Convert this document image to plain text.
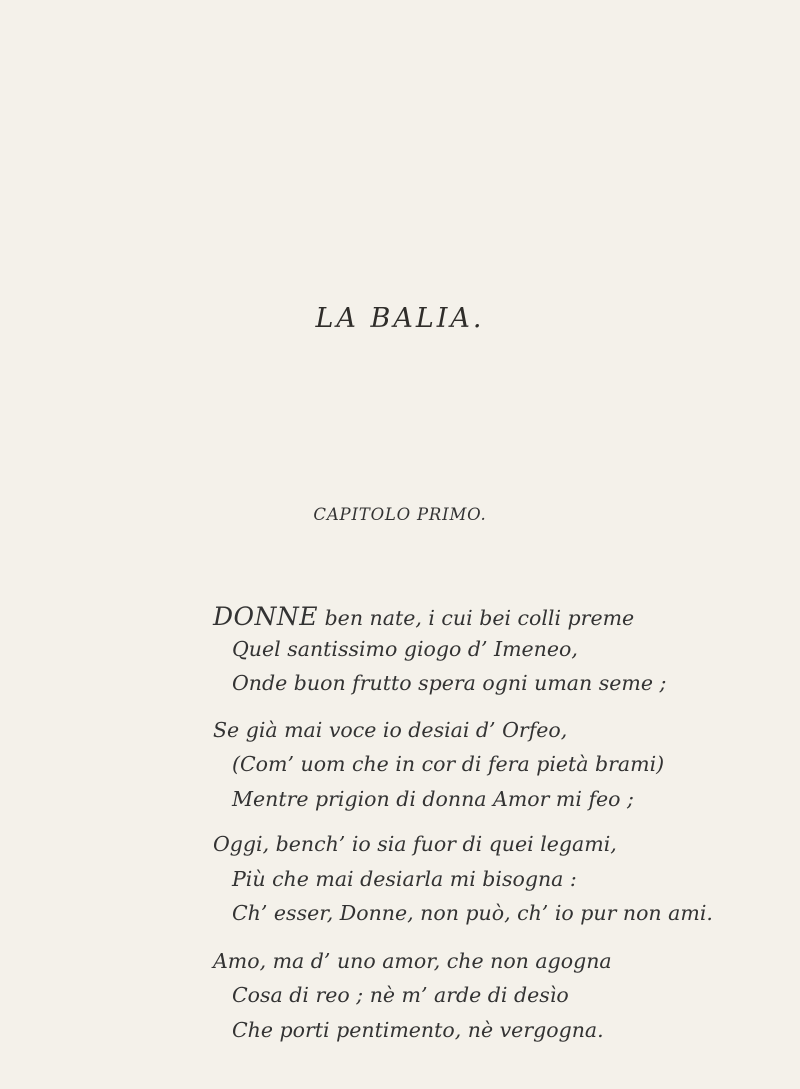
LA BALIA.
CAPITOLO PRIMO.
DONNE ben nate, i cui bei colli preme
Quel santissimo giogo d’ Imeneo,
Onde buon frutto spera ogni uman seme ;
Se già mai voce io desiai d’ Orfeo,
(Com’ uom che in cor di fera pietà brami)
Mentre prigion di donna Amor mi feo ;
Oggi, bench’ io sia fuor di quei legami,
Più che mai desiarla mi bisogna :
Ch’ esser, Donne, non può, ch’ io pur non ami.
Amo, ma d’ uno amor, che non agogna
Cosa di reo ; nè m’ arde di desìo
Che porti pentimento, nè vergogna.
